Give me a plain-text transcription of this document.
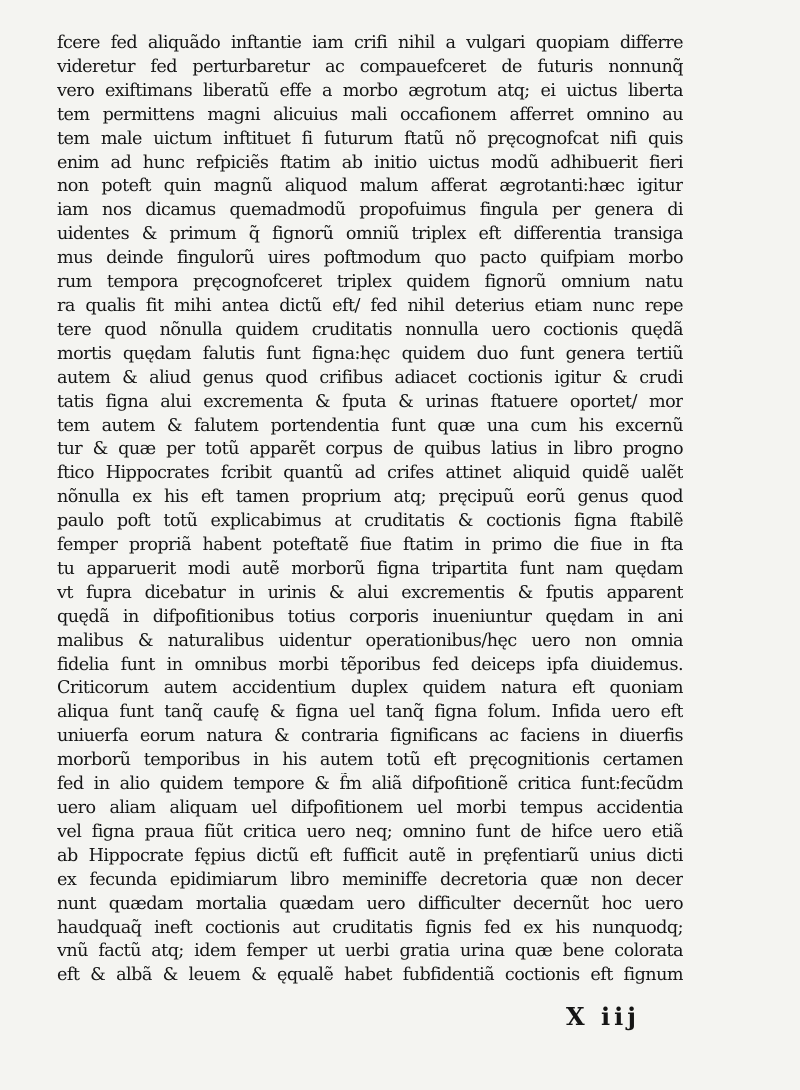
fcere fed aliquãdo inftantie iam crifi nihil a vulgari quopiam differre
videretur fed perturbaretur ac compauefceret de futuris nonnunq̃
vero exiftimans liberatũ effe a morbo ægrotum atq; ei uictus liberta
tem permittens magni alicuius mali occafionem afferret omnino au
tem male uictum inftituet fi futurum ftatũ nõ pręcognofcat nifi quis
enim ad hunc refpiciẽs ftatim ab initio uictus modũ adhibuerit fieri
non poteft quin magnũ aliquod malum afferat ægrotanti:hæc igitur
iam nos dicamus quemadmodũ propofuimus fingula per genera di
uidentes & primum q̃ fignorũ omniũ triplex eft differentia transiga
mus deinde fingulorũ uires poftmodum quo pacto quifpiam morbo
rum tempora pręcognofceret triplex quidem fignorũ omnium natu
ra qualis fit mihi antea dictũ eft/ fed nihil deterius etiam nunc repe
tere quod nõnulla quidem cruditatis nonnulla uero coctionis quędã
mortis quędam falutis funt figna:hęc quidem duo funt genera tertiũ
autem & aliud genus quod crifibus adiacet coctionis igitur & crudi
tatis figna alui excrementa & fputa & urinas ftatuere oportet/ mor
tem autem & falutem portendentia funt quæ una cum his excernũ
tur & quæ per totũ apparẽt corpus de quibus latius in libro progno
ftico Hippocrates fcribit quantũ ad crifes attinet aliquid quidẽ ualẽt
nõnulla ex his eft tamen proprium atq; pręcipuũ eorũ genus quod
paulo poft totũ explicabimus at cruditatis & coctionis figna ftabilẽ
femper propriã habent poteftatẽ fiue ftatim in primo die fiue in fta
tu apparuerit modi autẽ morborũ figna tripartita funt nam quędam
vt fupra dicebatur in urinis & alui excrementis & fputis apparent
quędã in difpofitionibus totius corporis inueniuntur quędam in ani
malibus & naturalibus uidentur operationibus/hęc uero non omnia
fidelia funt in omnibus morbi tẽporibus fed deiceps ipfa diuidemus.
Criticorum autem accidentium duplex quidem natura eft quoniam
aliqua funt tanq̃ caufę & figna uel tanq̃ figna folum. Infida uero eft
uniuerfa eorum natura & contraria fignificans ac faciens in diuerfis
morborũ temporibus in his autem totũ eft pręcognitionis certamen
fed in alio quidem tempore & f̃m aliã difpofitionẽ critica funt:fecũdm
uero aliam aliquam uel difpofitionem uel morbi tempus accidentia
vel figna praua fiũt critica uero neq; omnino funt de hifce uero etiã
ab Hippocrate fępius dictũ eft fufficit autẽ in pręfentiarũ unius dicti
ex fecunda epidimiarum libro meminiffe decretoria quæ non decer
nunt quædam mortalia quædam uero difficulter decernũt hoc uero
haudquaq̃ ineft coctionis aut cruditatis fignis fed ex his nunquodq;
vnũ factũ atq; idem femper ut uerbi gratia urina quæ bene colorata
eft & albã & leuem & ęqualẽ habet fubfidentiã coctionis eft fignum
X iij
